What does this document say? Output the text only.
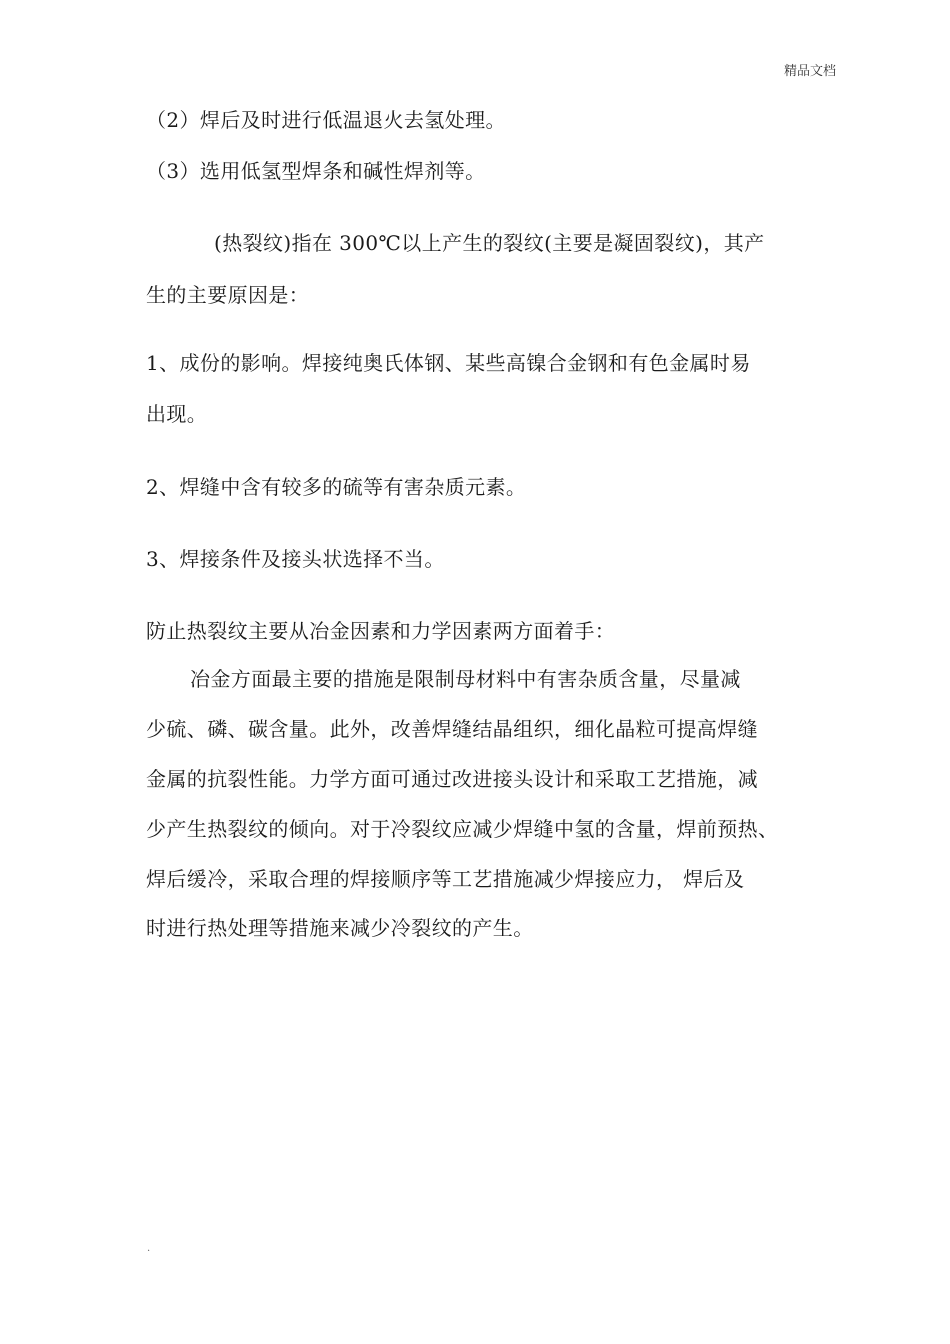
精品文档
（2）焊后及时进行低温退火去氢处理。
（3）选用低氢型焊条和碱性焊剂等。
(热裂纹)指在 300℃以上产生的裂纹(主要是凝固裂纹)，其产
生的主要原因是：
1、成份的影响。焊接纯奥氏体钢、某些高镍合金钢和有色金属时易
出现。
2、焊缝中含有较多的硫等有害杂质元素。
3、焊接条件及接头状选择不当。
防止热裂纹主要从冶金因素和力学因素两方面着手：
冶金方面最主要的措施是限制母材料中有害杂质含量，尽量减
少硫、磷、碳含量。此外，改善焊缝结晶组织，细化晶粒可提高焊缝
金属的抗裂性能。力学方面可通过改进接头设计和采取工艺措施，减
少产生热裂纹的倾向。对于冷裂纹应减少焊缝中氢的含量，焊前预热、
焊后缓冷，采取合理的焊接顺序等工艺措施减少焊接应力， 焊后及
时进行热处理等措施来减少冷裂纹的产生。
.
